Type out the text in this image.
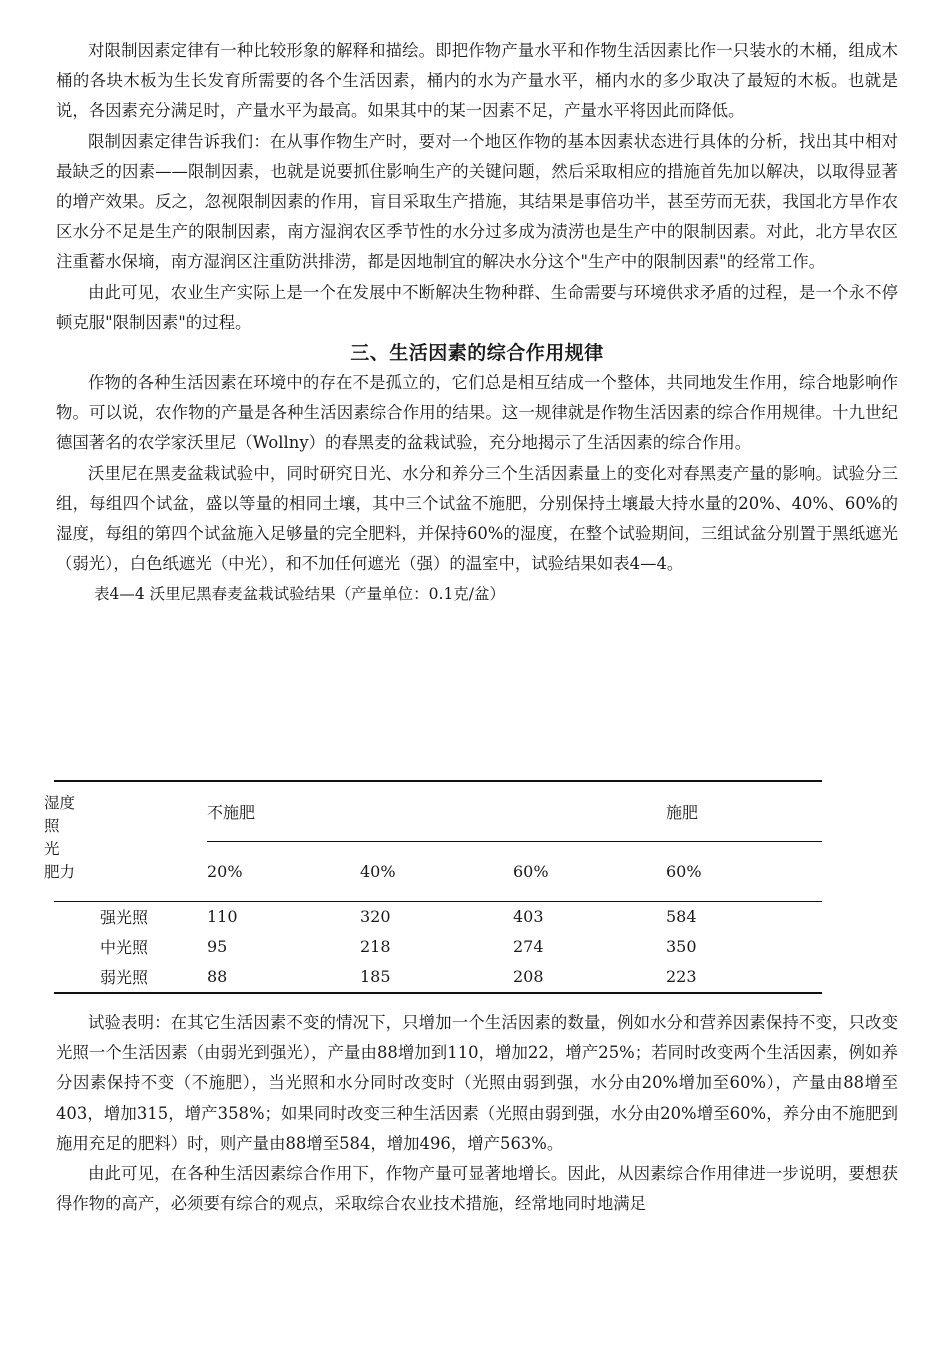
对限制因素定律有一种比较形象的解释和描绘。即把作物产量水平和作物生活因素比作一只装水的木桶，组成木桶的各块木板为生长发育所需要的各个生活因素，桶内的水为产量水平，桶内水的多少取决了最短的木板。也就是说，各因素充分满足时，产量水平为最高。如果其中的某一因素不足，产量水平将因此而降低。

限制因素定律告诉我们：在从事作物生产时，要对一个地区作物的基本因素状态进行具体的分析，找出其中相对最缺乏的因素——限制因素，也就是说要抓住影响生产的关键问题，然后采取相应的措施首先加以解决，以取得显著的增产效果。反之，忽视限制因素的作用，盲目采取生产措施，其结果是事倍功半，甚至劳而无获，我国北方旱作农区水分不足是生产的限制因素，南方湿润农区季节性的水分过多成为渍涝也是生产中的限制因素。对此，北方旱农区注重蓄水保墒，南方湿润区注重防洪排涝，都是因地制宜的解决水分这个"生产中的限制因素"的经常工作。

由此可见，农业生产实际上是一个在发展中不断解决生物种群、生命需要与环境供求矛盾的过程，是一个永不停顿克服"限制因素"的过程。

三、生活因素的综合作用规律

作物的各种生活因素在环境中的存在不是孤立的，它们总是相互结成一个整体，共同地发生作用，综合地影响作物。可以说，农作物的产量是各种生活因素综合作用的结果。这一规律就是作物生活因素的综合作用规律。十九世纪德国著名的农学家沃里尼（Wollny）的春黑麦的盆栽试验，充分地揭示了生活因素的综合作用。

沃里尼在黑麦盆栽试验中，同时研究日光、水分和养分三个生活因素量上的变化对春黑麦产量的影响。试验分三组，每组四个试盆，盛以等量的相同土壤，其中三个试盆不施肥，分别保持土壤最大持水量的20%、40%、60%的湿度，每组的第四个试盆施入足够量的完全肥料，并保持60%的湿度，在整个试验期间，三组试盆分别置于黑纸遮光（弱光），白色纸遮光（中光），和不加任何遮光（强）的温室中，试验结果如表4—4。

表4—4 沃里尼黑春麦盆栽试验结果（产量单位：0.1克/盆）

湿度
照
光
肥力	不施肥			施肥
	20%	40%	60%	60%
强光照	110	320	403	584
中光照	95	218	274	350
弱光照	88	185	208	223

试验表明：在其它生活因素不变的情况下，只增加一个生活因素的数量，例如水分和营养因素保持不变，只改变光照一个生活因素（由弱光到强光），产量由88增加到110，增加22，增产25%；若同时改变两个生活因素，例如养分因素保持不变（不施肥），当光照和水分同时改变时（光照由弱到强，水分由20%增加至60%），产量由88增至403，增加315，增产358%；如果同时改变三种生活因素（光照由弱到强，水分由20%增至60%，养分由不施肥到施用充足的肥料）时，则产量由88增至584，增加496，增产563%。

由此可见，在各种生活因素综合作用下，作物产量可显著地增长。因此，从因素综合作用律进一步说明，要想获得作物的高产，必须要有综合的观点，采取综合农业技术措施，经常地同时地满足
